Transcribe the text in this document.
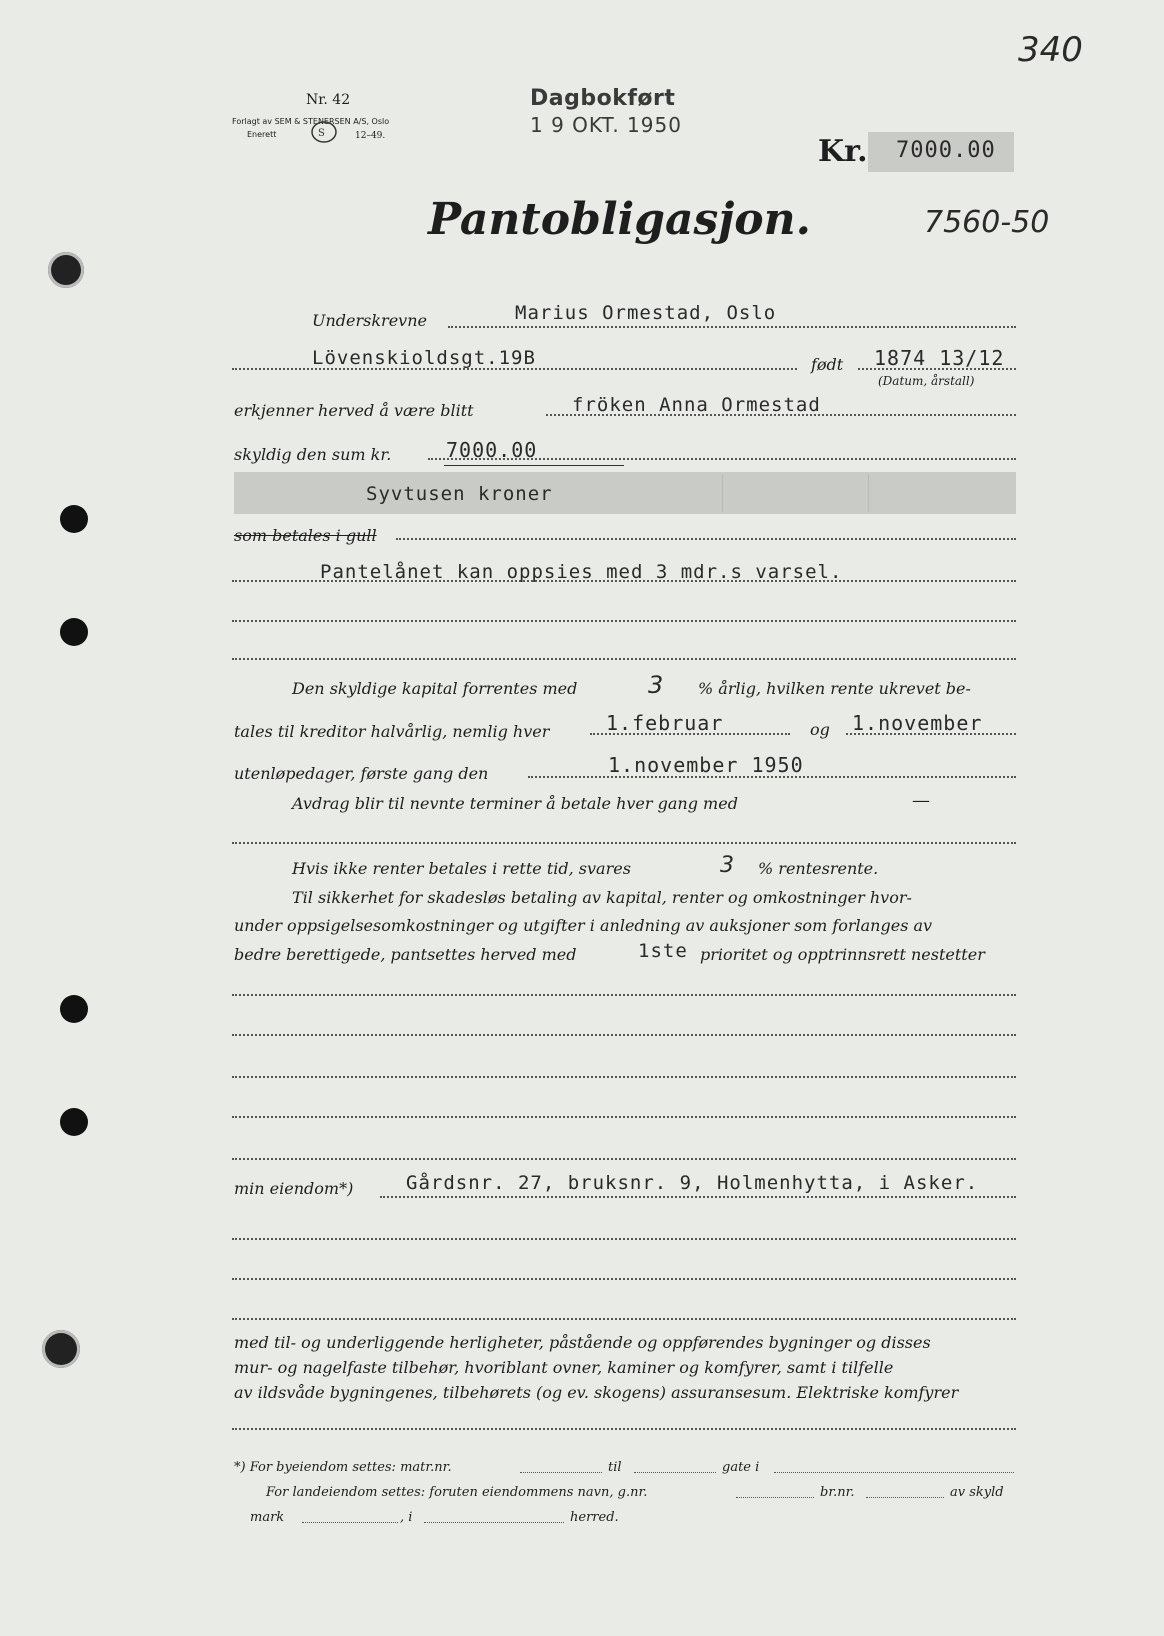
340
Nr. 42
Forlagt av SEM & STENERSEN A/S, Oslo
Enerett	S	12–49.
Dagbokført
1 9 OKT. 1950
Kr. 7000.00
Pantobligasjon.	7560-50
Underskrevne	Marius Ormestad, Oslo
Lövenskioldsgt.19B	født 1874 13/12
(Datum, årstall)
erkjenner herved å være blitt	fröken Anna Ormestad
skyldig den sum kr.	7000.00
Syvtusen kroner
som betales i gull
Pantelånet kan oppsies med 3 mdr.s varsel.
Den skyldige kapital forrentes med	3 % årlig, hvilken rente ukrevet be-
tales til kreditor halvårlig, nemlig hver	1.februar	og 1.november
utenløpedager, første gang den	1.november 1950
Avdrag blir til nevnte terminer å betale hver gang med	—
Hvis ikke renter betales i rette tid, svares	3 % rentesrente.
Til sikkerhet for skadesløs betaling av kapital, renter og omkostninger hvor-
under oppsigelsesomkostninger og utgifter i anledning av auksjoner som forlanges av
bedre berettigede, pantsettes herved med	1ste prioritet og opptrinnsrett nestetter
min eiendom*)	Gårdsnr. 27, bruksnr. 9, Holmenhytta, i Asker.
med til- og underliggende herligheter, påstående og oppførendes bygninger og disses
mur- og nagelfaste tilbehør, hvoriblant ovner, kaminer og komfyrer, samt i tilfelle
av ildsvåde bygningenes, tilbehørets (og ev. skogens) assuransesum. Elektriske komfyrer
*) For byeiendom settes: matr.nr.	til	gate i
For landeiendom settes: foruten eiendommens navn, g.nr.	br.nr.	av skyld
mark	, i	herred.
